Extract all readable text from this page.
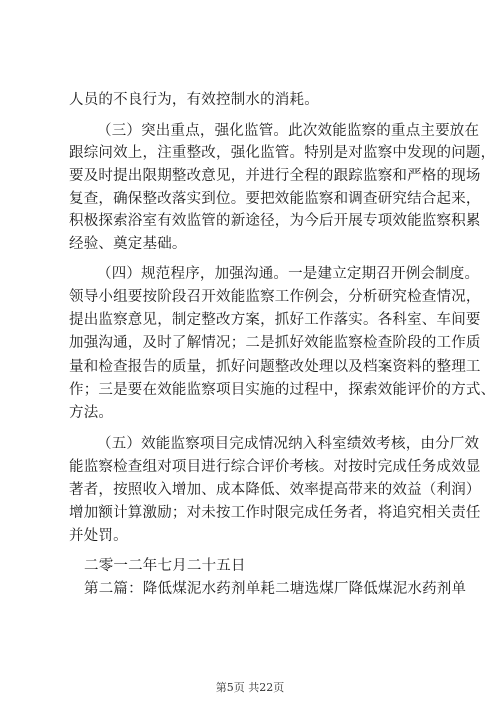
人员的不良行为，有效控制水的消耗。
（三）突出重点，强化监管。此次效能监察的重点主要放在
跟综问效上，注重整改，强化监管。特别是对监察中发现的问题，
要及时提出限期整改意见，并进行全程的跟踪监察和严格的现场
复查，确保整改落实到位。要把效能监察和调查研究结合起来，
积极探索浴室有效监管的新途径，为今后开展专项效能监察积累
经验、奠定基础。
（四）规范程序，加强沟通。一是建立定期召开例会制度。
领导小组要按阶段召开效能监察工作例会，分析研究检查情况，
提出监察意见，制定整改方案，抓好工作落实。各科室、车间要
加强沟通，及时了解情况；二是抓好效能监察检查阶段的工作质
量和检查报告的质量，抓好问题整改处理以及档案资料的整理工
作；三是要在效能监察项目实施的过程中，探索效能评价的方式、
方法。
（五）效能监察项目完成情况纳入科室绩效考核，由分厂效
能监察检查组对项目进行综合评价考核。对按时完成任务成效显
著者，按照收入增加、成本降低、效率提高带来的效益（利润）
增加额计算激励；对未按工作时限完成任务者，将追究相关责任
并处罚。
二零一二年七月二十五日
第二篇：降低煤泥水药剂单耗二塘选煤厂降低煤泥水药剂单
第5页 共22页
